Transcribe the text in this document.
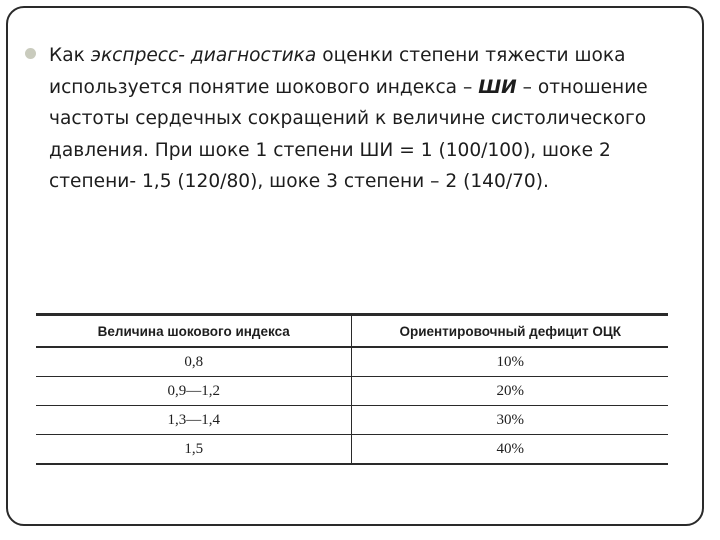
Как экспресс- диагностика оценки степени тяжести шока используется понятие шокового индекса – ШИ – отношение частоты сердечных сокращений к величине систолического давления. При шоке 1 степени ШИ = 1 (100/100), шоке 2 степени- 1,5 (120/80), шоке 3 степени – 2 (140/70).
Величина шокового индекса	Ориентировочный дефицит ОЦК
0,8	10%
0,9—1,2	20%
1,3—1,4	30%
1,5	40%
